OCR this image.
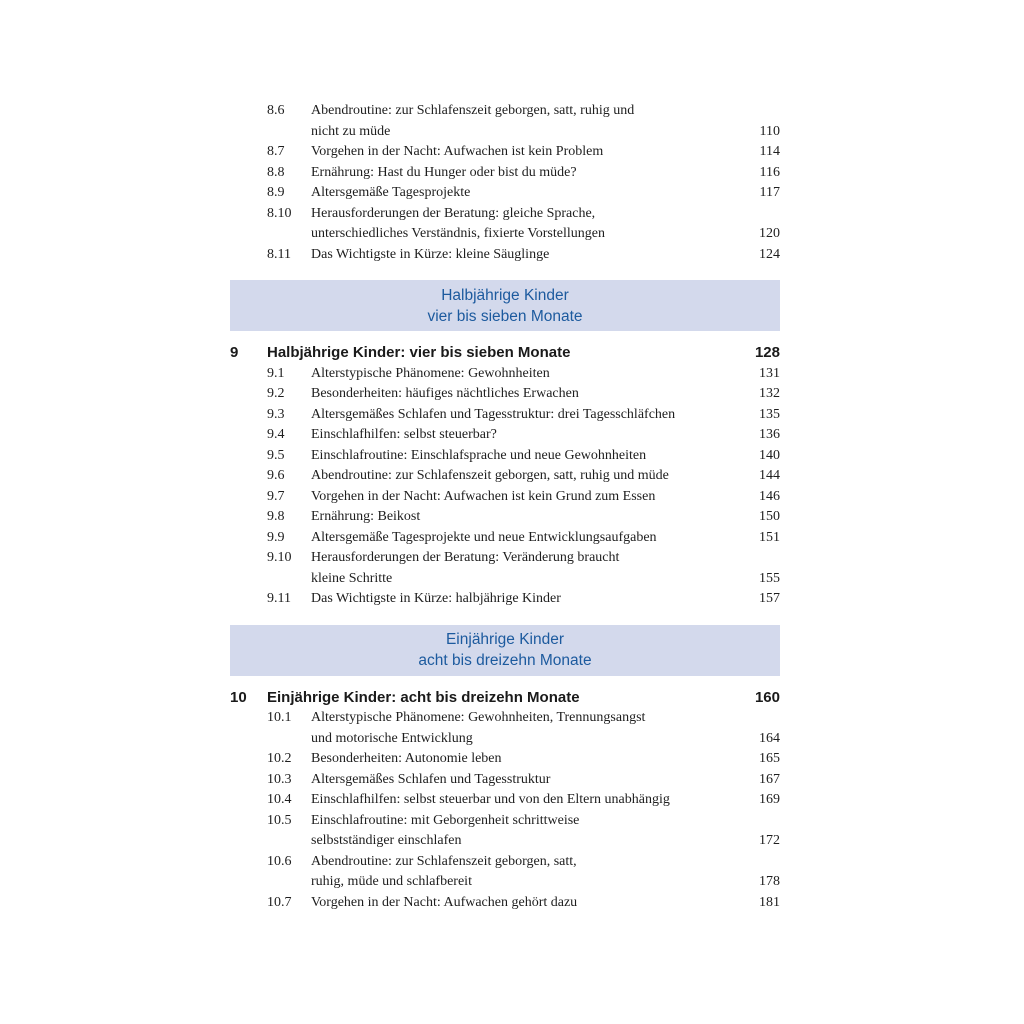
8.6 Abendroutine: zur Schlafenszeit geborgen, satt, ruhig und
nicht zu müde	110
8.7 Vorgehen in der Nacht: Aufwachen ist kein Problem	114
8.8 Ernährung: Hast du Hunger oder bist du müde?	116
8.9 Altersgemäße Tagesprojekte	117
8.10 Herausforderungen der Beratung: gleiche Sprache,
unterschiedliches Verständnis, fixierte Vorstellungen	120
8.11 Das Wichtigste in Kürze: kleine Säuglinge	124
Halbjährige Kinder
vier bis sieben Monate
9 Halbjährige Kinder: vier bis sieben Monate	128
9.1 Alterstypische Phänomene: Gewohnheiten	131
9.2 Besonderheiten: häufiges nächtliches Erwachen	132
9.3 Altersgemäßes Schlafen und Tagesstruktur: drei Tagesschläfchen	135
9.4 Einschlafhilfen: selbst steuerbar?	136
9.5 Einschlafroutine: Einschlafsprache und neue Gewohnheiten	140
9.6 Abendroutine: zur Schlafenszeit geborgen, satt, ruhig und müde	144
9.7 Vorgehen in der Nacht: Aufwachen ist kein Grund zum Essen	146
9.8 Ernährung: Beikost	150
9.9 Altersgemäße Tagesprojekte und neue Entwicklungsaufgaben	151
9.10 Herausforderungen der Beratung: Veränderung braucht
kleine Schritte	155
9.11 Das Wichtigste in Kürze: halbjährige Kinder	157
Einjährige Kinder
acht bis dreizehn Monate
10 Einjährige Kinder: acht bis dreizehn Monate	160
10.1 Alterstypische Phänomene: Gewohnheiten, Trennungsangst
und motorische Entwicklung	164
10.2 Besonderheiten: Autonomie leben	165
10.3 Altersgemäßes Schlafen und Tagesstruktur	167
10.4 Einschlafhilfen: selbst steuerbar und von den Eltern unabhängig	169
10.5 Einschlafroutine: mit Geborgenheit schrittweise
selbstständiger einschlafen	172
10.6 Abendroutine: zur Schlafenszeit geborgen, satt,
ruhig, müde und schlafbereit	178
10.7 Vorgehen in der Nacht: Aufwachen gehört dazu	181
